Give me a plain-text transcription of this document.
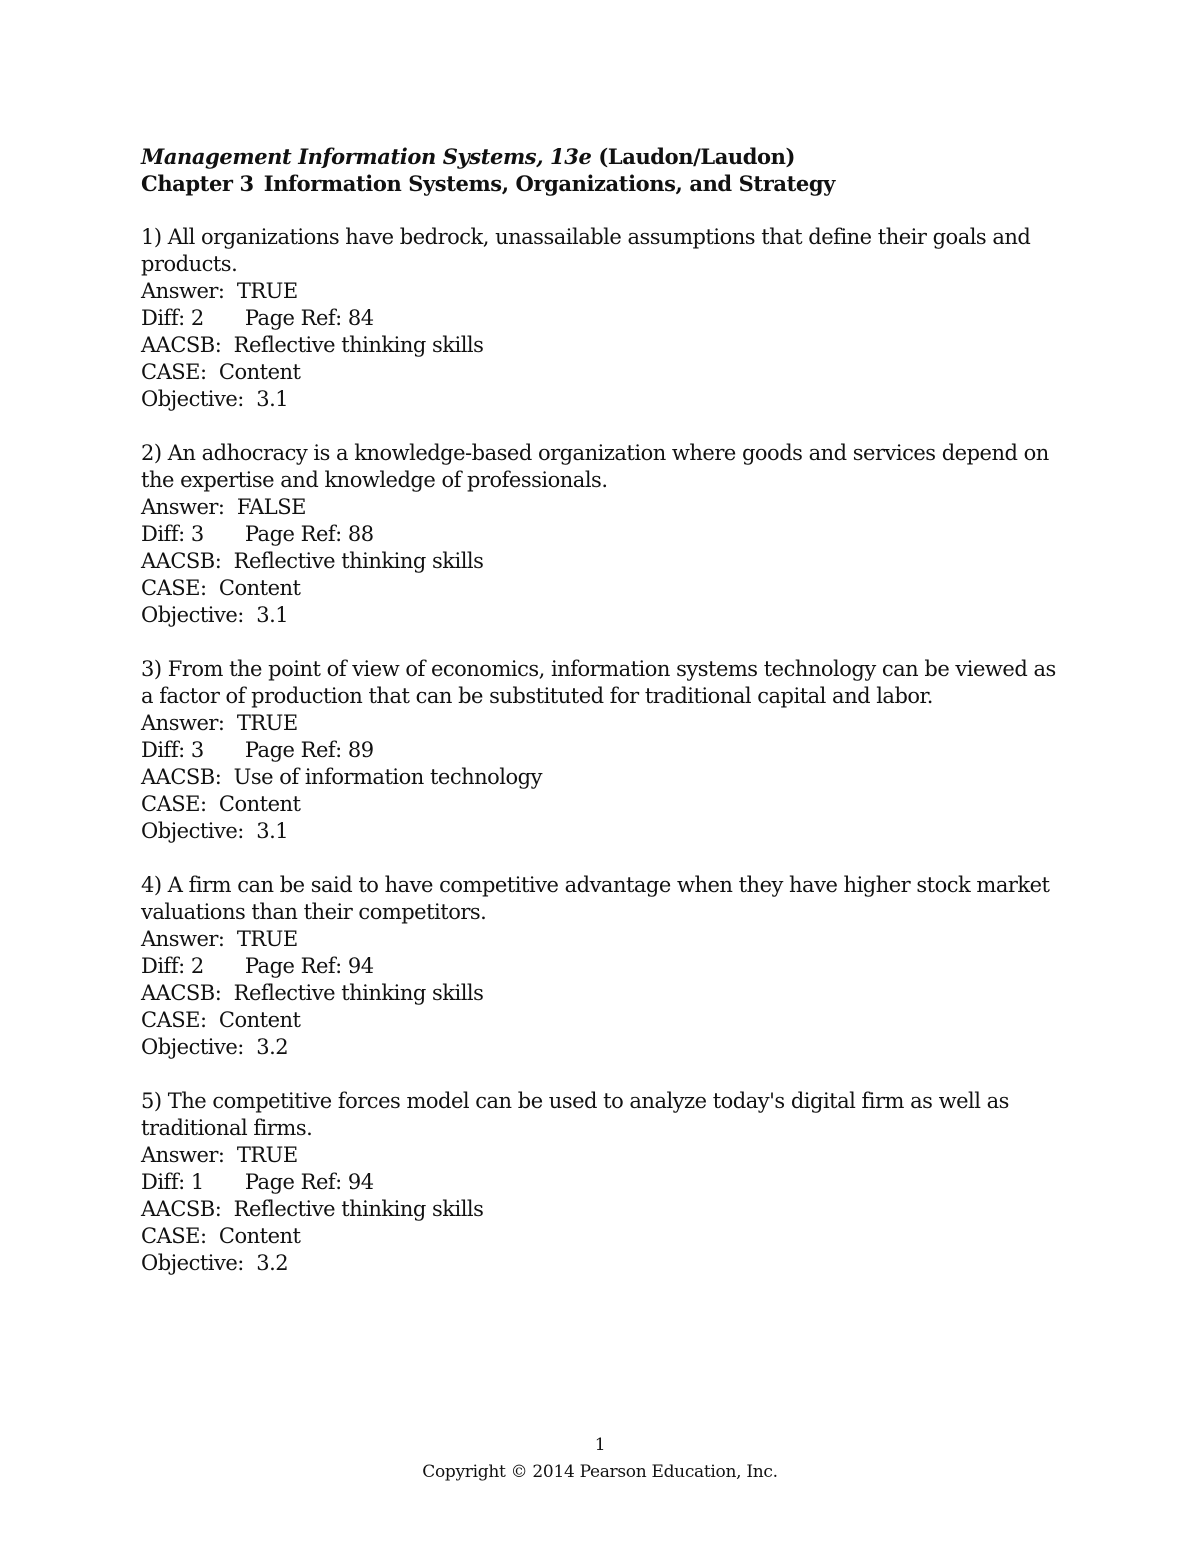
Management Information Systems, 13e (Laudon/Laudon)
Chapter 3 Information Systems, Organizations, and Strategy
1) All organizations have bedrock, unassailable assumptions that define their goals and products.
Answer: TRUE
Diff: 2 Page Ref: 84
AACSB: Reflective thinking skills
CASE: Content
Objective: 3.1
2) An adhocracy is a knowledge-based organization where goods and services depend on the expertise and knowledge of professionals.
Answer: FALSE
Diff: 3 Page Ref: 88
AACSB: Reflective thinking skills
CASE: Content
Objective: 3.1
3) From the point of view of economics, information systems technology can be viewed as a factor of production that can be substituted for traditional capital and labor.
Answer: TRUE
Diff: 3 Page Ref: 89
AACSB: Use of information technology
CASE: Content
Objective: 3.1
4) A firm can be said to have competitive advantage when they have higher stock market valuations than their competitors.
Answer: TRUE
Diff: 2 Page Ref: 94
AACSB: Reflective thinking skills
CASE: Content
Objective: 3.2
5) The competitive forces model can be used to analyze today's digital firm as well as traditional firms.
Answer: TRUE
Diff: 1 Page Ref: 94
AACSB: Reflective thinking skills
CASE: Content
Objective: 3.2
1
Copyright © 2014 Pearson Education, Inc.
